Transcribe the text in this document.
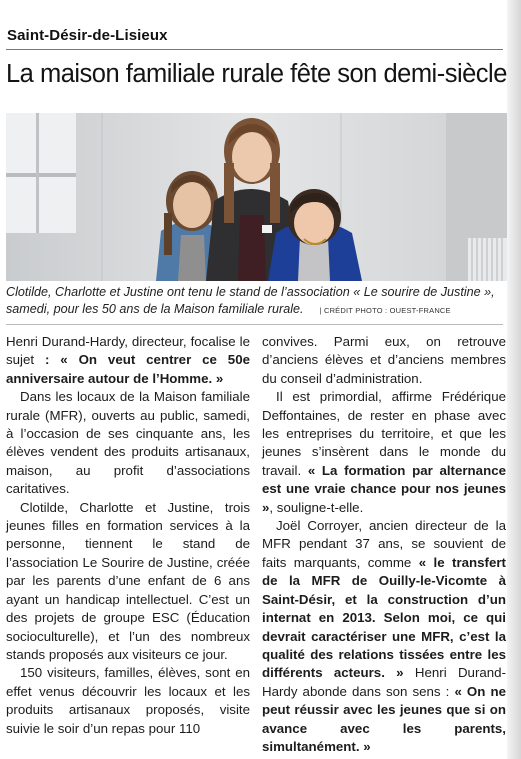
Saint-Désir-de-Lisieux
La maison familiale rurale fête son demi-siècle
Clotilde, Charlotte et Justine ont tenu le stand de l’association « Le sourire de Justine », samedi, pour les 50 ans de la Maison familiale rurale. | CRÉDIT PHOTO : OUEST-FRANCE

Henri Durand-Hardy, directeur, focalise le sujet : « On veut centrer ce 50e anniversaire autour de l’Homme. »

Dans les locaux de la Maison familiale rurale (MFR), ouverts au public, samedi, à l’occasion de ses cinquante ans, les élèves vendent des produits artisanaux, maison, au profit d’associations caritatives.

Clotilde, Charlotte et Justine, trois jeunes filles en formation services à la personne, tiennent le stand de l’association Le Sourire de Justine, créée par les parents d’une enfant de 6 ans ayant un handicap intellectuel. C’est un des projets de groupe ESC (Éducation socioculturelle), et l’un des nombreux stands proposés aux visiteurs ce jour.

150 visiteurs, familles, élèves, sont en effet venus découvrir les locaux et les produits artisanaux proposés, visite suivie le soir d’un repas pour 110

convives. Parmi eux, on retrouve d’anciens élèves et d’anciens membres du conseil d’administration.

Il est primordial, affirme Frédérique Deffontaines, de rester en phase avec les entreprises du territoire, et que les jeunes s’insèrent dans le monde du travail. « La formation par alternance est une vraie chance pour nos jeunes », souligne-t-elle.

Joël Corroyer, ancien directeur de la MFR pendant 37 ans, se souvient de faits marquants, comme « le transfert de la MFR de Ouilly-le-Vicomte à Saint-Désir, et la construction d’un internat en 2013. Selon moi, ce qui devrait caractériser une MFR, c’est la qualité des relations tissées entre les différents acteurs. » Henri Durand-Hardy abonde dans son sens : « On ne peut réussir avec les jeunes que si on avance avec les parents, simultanément. »
